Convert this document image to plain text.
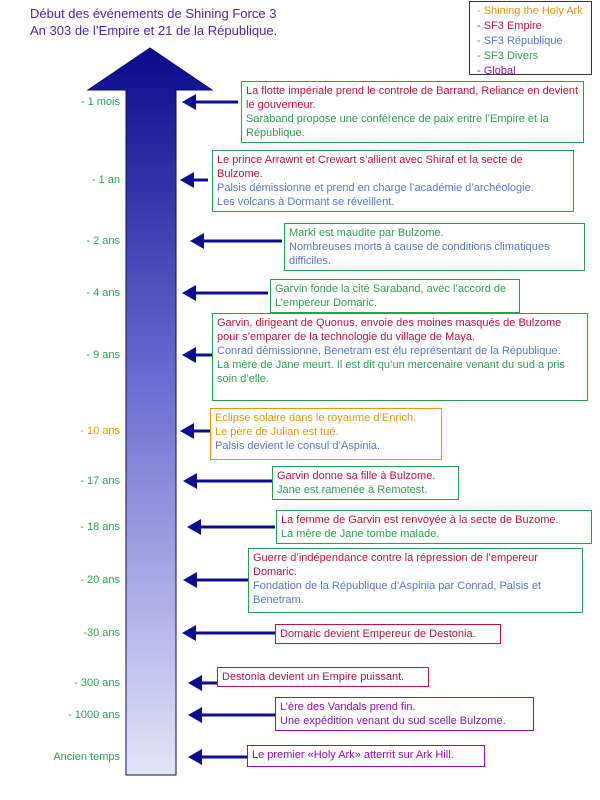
Début des événements de Shining Force 3
An 303 de l’Empire et 21 de la République.
- Shining the Holy Ark
- SF3 Empire
- SF3 République
- SF3 Divers
- Global
- 1 mois
- 1 an
- 2 ans
- 4 ans
- 9 ans
- 10 ans
- 17 ans
- 18 ans
- 20 ans
-30 ans
- 300 ans
- 1000 ans
Ancien temps
La flotte impériale prend le controle de Barrand, Reliance en devient le gouverneur.
Saraband propose une conférence de paix entre l’Empire et la République.
Le prince Arrawnt et Crewart s’allient avec Shiraf et la secte de Bulzome.
Palsis démissionne et prend en charge l’académie d’archéologie.
Les volcans à Dormant se réveillent.
Marki est maudite par Bulzome.
Nombreuses morts à cause de conditions climatiques difficiles.
Garvin fonde la cité Saraband, avec l’accord de L’empereur Domaric.
Garvin, dirigeant de Quonus, envoie des moines masqués de Bulzome pour s’emparer de la technologie du village de Maya.
Conrad démissionne, Benetram est élu représentant de la République.
La mère de Jane meurt. Il est dit qu’un mercenaire venant du sud a pris soin d’elle.
Eclipse solaire dans le royaume d’Enrich.
Le père de Julian est tué.
Palsis devient le consul d’Aspinia.
Garvin donne sa fille à Bulzome.
Jane est ramenée à Remotest.
La femme de Garvin est renvoyée à la secte de Buzome.
La mère de Jane tombe malade.
Guerre d’indépendance contre la répression de l’empereur Domaric.
Fondation de la République d’Aspinia par Conrad, Palsis et Benetram.
Domaric devient Empereur de Destonia.
Destonia devient un Empire puissant.
L’ère des Vandals prend fin.
Une expédition venant du sud scelle Bulzome.
Le premier «Holy Ark» atterrit sur Ark Hill.
